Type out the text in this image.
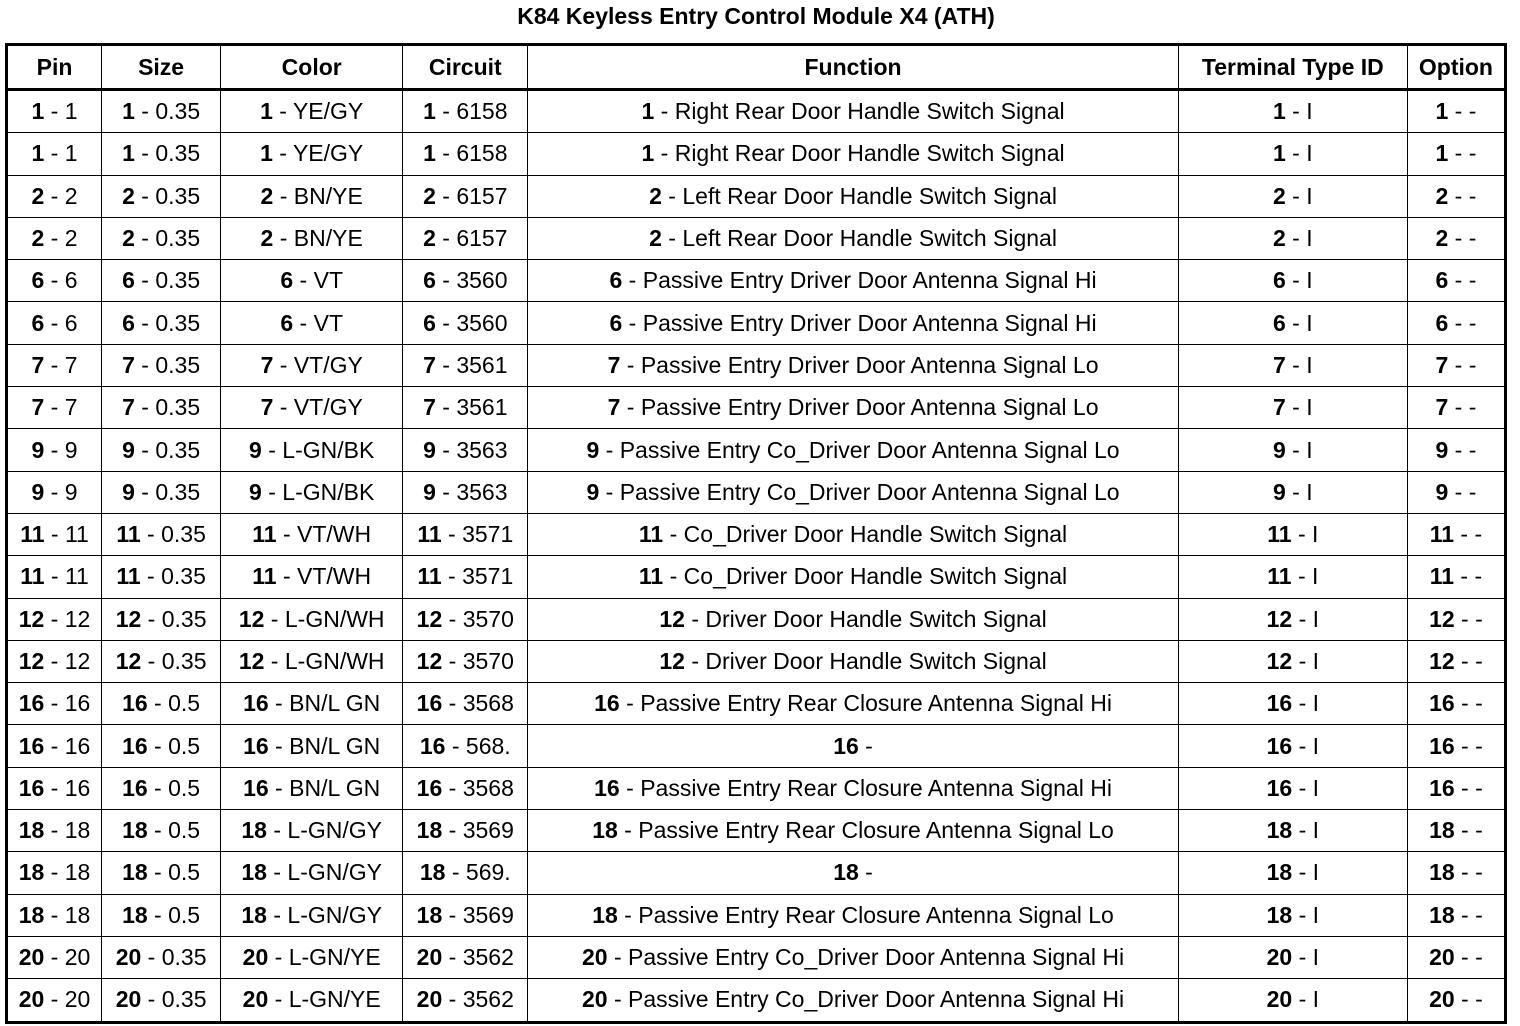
K84 Keyless Entry Control Module X4 (ATH)
Pin	Size	Color	Circuit	Function	Terminal Type ID	Option
1 - 1	1 - 0.35	1 - YE/GY	1 - 6158	1 - Right Rear Door Handle Switch Signal	1 - I	1 - -
1 - 1	1 - 0.35	1 - YE/GY	1 - 6158	1 - Right Rear Door Handle Switch Signal	1 - I	1 - -
2 - 2	2 - 0.35	2 - BN/YE	2 - 6157	2 - Left Rear Door Handle Switch Signal	2 - I	2 - -
2 - 2	2 - 0.35	2 - BN/YE	2 - 6157	2 - Left Rear Door Handle Switch Signal	2 - I	2 - -
6 - 6	6 - 0.35	6 - VT	6 - 3560	6 - Passive Entry Driver Door Antenna Signal Hi	6 - I	6 - -
6 - 6	6 - 0.35	6 - VT	6 - 3560	6 - Passive Entry Driver Door Antenna Signal Hi	6 - I	6 - -
7 - 7	7 - 0.35	7 - VT/GY	7 - 3561	7 - Passive Entry Driver Door Antenna Signal Lo	7 - I	7 - -
7 - 7	7 - 0.35	7 - VT/GY	7 - 3561	7 - Passive Entry Driver Door Antenna Signal Lo	7 - I	7 - -
9 - 9	9 - 0.35	9 - L-GN/BK	9 - 3563	9 - Passive Entry Co_Driver Door Antenna Signal Lo	9 - I	9 - -
9 - 9	9 - 0.35	9 - L-GN/BK	9 - 3563	9 - Passive Entry Co_Driver Door Antenna Signal Lo	9 - I	9 - -
11 - 11	11 - 0.35	11 - VT/WH	11 - 3571	11 - Co_Driver Door Handle Switch Signal	11 - I	11 - -
11 - 11	11 - 0.35	11 - VT/WH	11 - 3571	11 - Co_Driver Door Handle Switch Signal	11 - I	11 - -
12 - 12	12 - 0.35	12 - L-GN/WH	12 - 3570	12 - Driver Door Handle Switch Signal	12 - I	12 - -
12 - 12	12 - 0.35	12 - L-GN/WH	12 - 3570	12 - Driver Door Handle Switch Signal	12 - I	12 - -
16 - 16	16 - 0.5	16 - BN/L GN	16 - 3568	16 - Passive Entry Rear Closure Antenna Signal Hi	16 - I	16 - -
16 - 16	16 - 0.5	16 - BN/L GN	16 - 568.	16 -	16 - I	16 - -
16 - 16	16 - 0.5	16 - BN/L GN	16 - 3568	16 - Passive Entry Rear Closure Antenna Signal Hi	16 - I	16 - -
18 - 18	18 - 0.5	18 - L-GN/GY	18 - 3569	18 - Passive Entry Rear Closure Antenna Signal Lo	18 - I	18 - -
18 - 18	18 - 0.5	18 - L-GN/GY	18 - 569.	18 -	18 - I	18 - -
18 - 18	18 - 0.5	18 - L-GN/GY	18 - 3569	18 - Passive Entry Rear Closure Antenna Signal Lo	18 - I	18 - -
20 - 20	20 - 0.35	20 - L-GN/YE	20 - 3562	20 - Passive Entry Co_Driver Door Antenna Signal Hi	20 - I	20 - -
20 - 20	20 - 0.35	20 - L-GN/YE	20 - 3562	20 - Passive Entry Co_Driver Door Antenna Signal Hi	20 - I	20 - -
